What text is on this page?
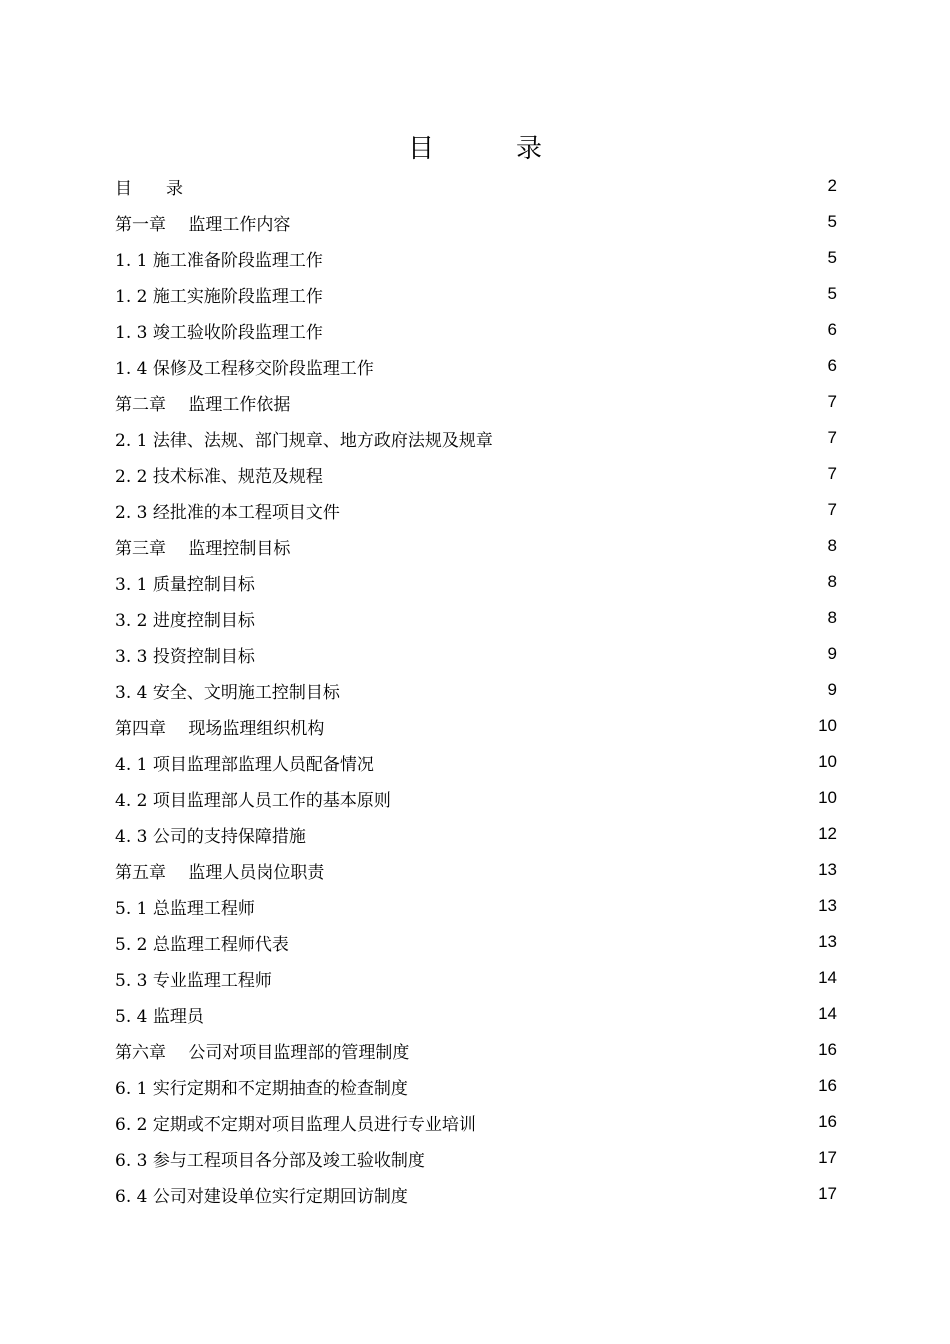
目　录
目　　录	2
第一章　 监理工作内容	5
1. 1 施工准备阶段监理工作	5
1. 2 施工实施阶段监理工作	5
1. 3 竣工验收阶段监理工作	6
1. 4 保修及工程移交阶段监理工作	6
第二章　 监理工作依据	7
2. 1 法律、法规、部门规章、地方政府法规及规章	7
2. 2 技术标准、规范及规程	7
2. 3 经批准的本工程项目文件	7
第三章　 监理控制目标	8
3. 1 质量控制目标	8
3. 2 进度控制目标	8
3. 3 投资控制目标	9
3. 4 安全、文明施工控制目标	9
第四章　 现场监理组织机构	10
4. 1 项目监理部监理人员配备情况	10
4. 2 项目监理部人员工作的基本原则	10
4. 3 公司的支持保障措施	12
第五章　 监理人员岗位职责	13
5. 1 总监理工程师	13
5. 2 总监理工程师代表	13
5. 3 专业监理工程师	14
5. 4 监理员	14
第六章　 公司对项目监理部的管理制度	16
6. 1 实行定期和不定期抽查的检查制度	16
6. 2 定期或不定期对项目监理人员进行专业培训	16
6. 3 参与工程项目各分部及竣工验收制度	17
6. 4 公司对建设单位实行定期回访制度	17
